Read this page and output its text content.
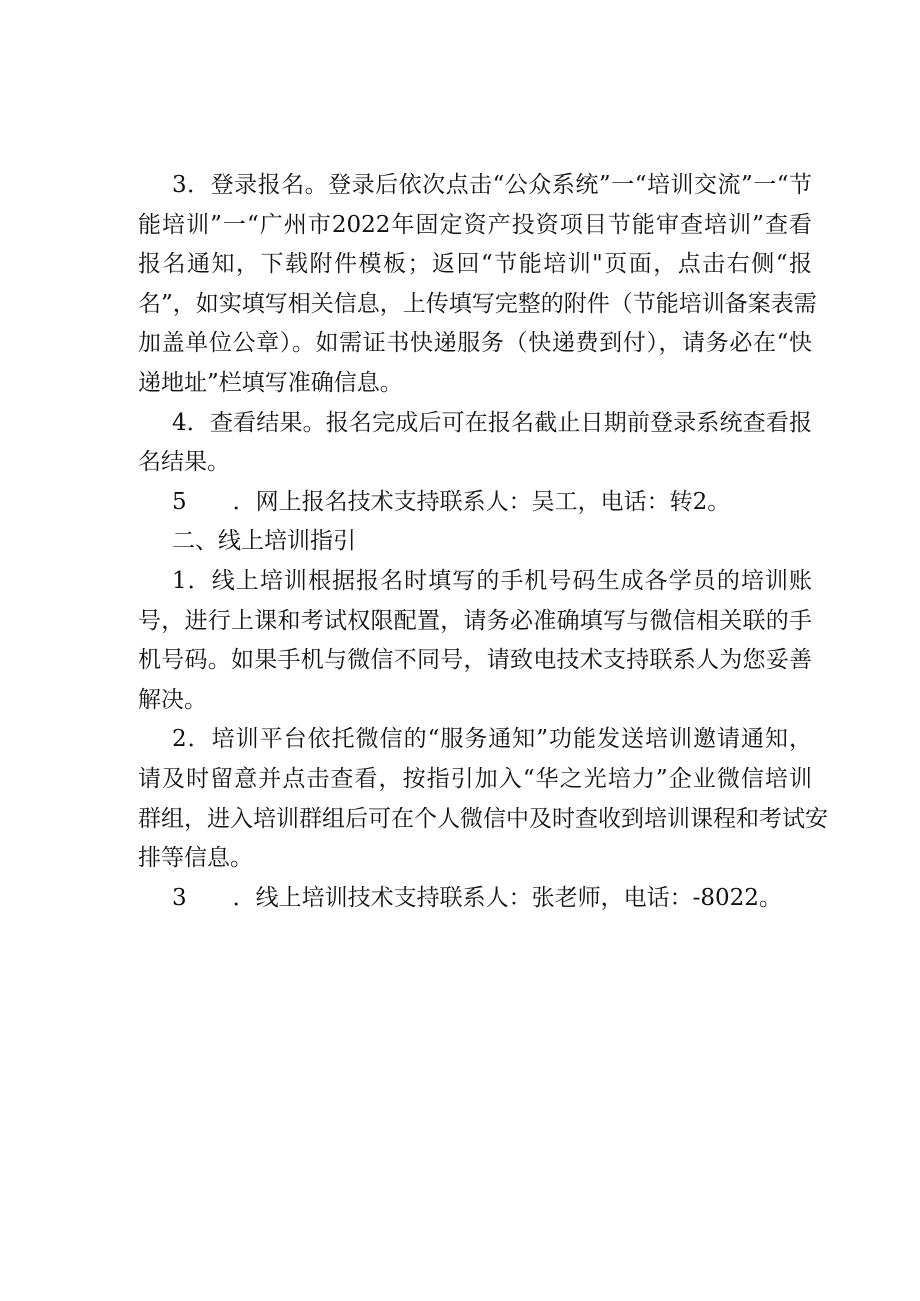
3．登录报名。登录后依次点击“公众系统”一“培训交流”一“节
能培训”一“广州市2022年固定资产投资项目节能审查培训”查看
报名通知，下载附件模板；返回“节能培训"页面，点击右侧“报
名”，如实填写相关信息，上传填写完整的附件（节能培训备案表需
加盖单位公章）。如需证书快递服务（快递费到付），请务必在“快
递地址”栏填写准确信息。
4．查看结果。报名完成后可在报名截止日期前登录系统查看报
名结果。
5　　．网上报名技术支持联系人：吴工，电话：转2。
二、线上培训指引
1．线上培训根据报名时填写的手机号码生成各学员的培训账
号，进行上课和考试权限配置，请务必准确填写与微信相关联的手
机号码。如果手机与微信不同号，请致电技术支持联系人为您妥善
解决。
2．培训平台依托微信的“服务通知”功能发送培训邀请通知，
请及时留意并点击查看，按指引加入“华之光培力”企业微信培训
群组，进入培训群组后可在个人微信中及时查收到培训课程和考试安
排等信息。
3　　．线上培训技术支持联系人：张老师，电话：-8022。
